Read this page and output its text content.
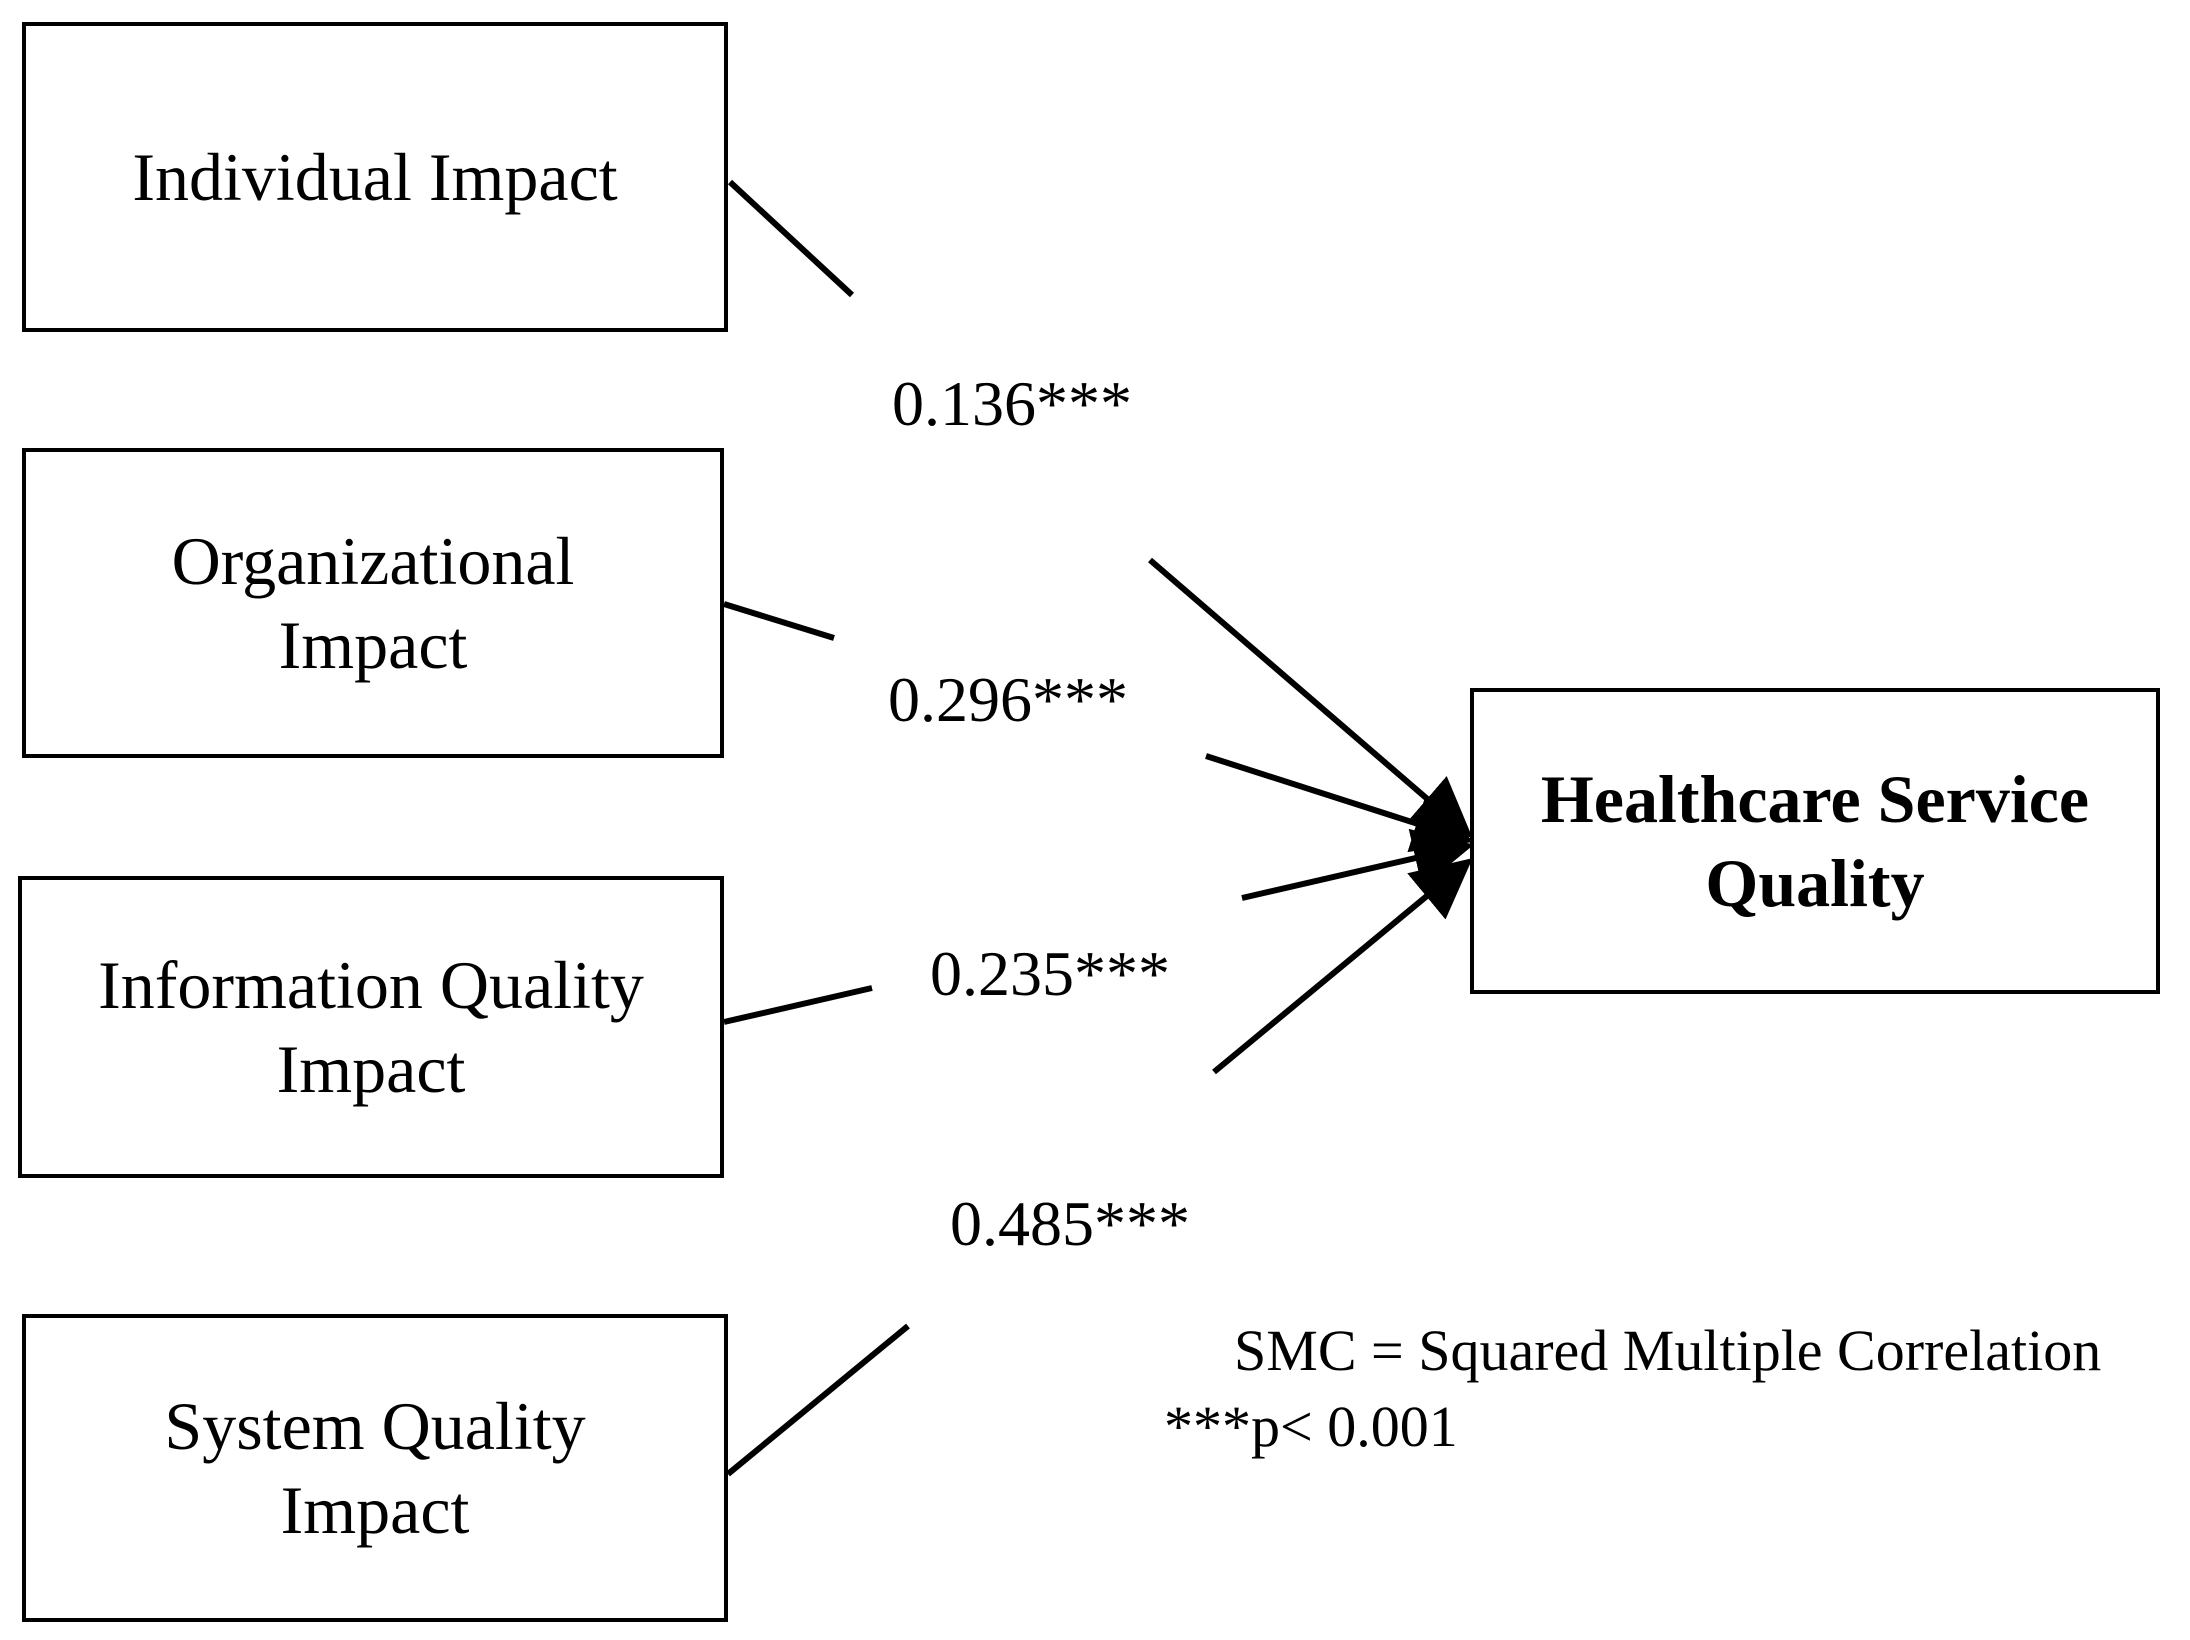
Individual Impact
Organizational
Impact
Information Quality
Impact
System Quality
Impact
Healthcare Service
Quality
0.136***
0.296***
0.235***
0.485***
SMC = Squared Multiple Correlation
***p< 0.001
